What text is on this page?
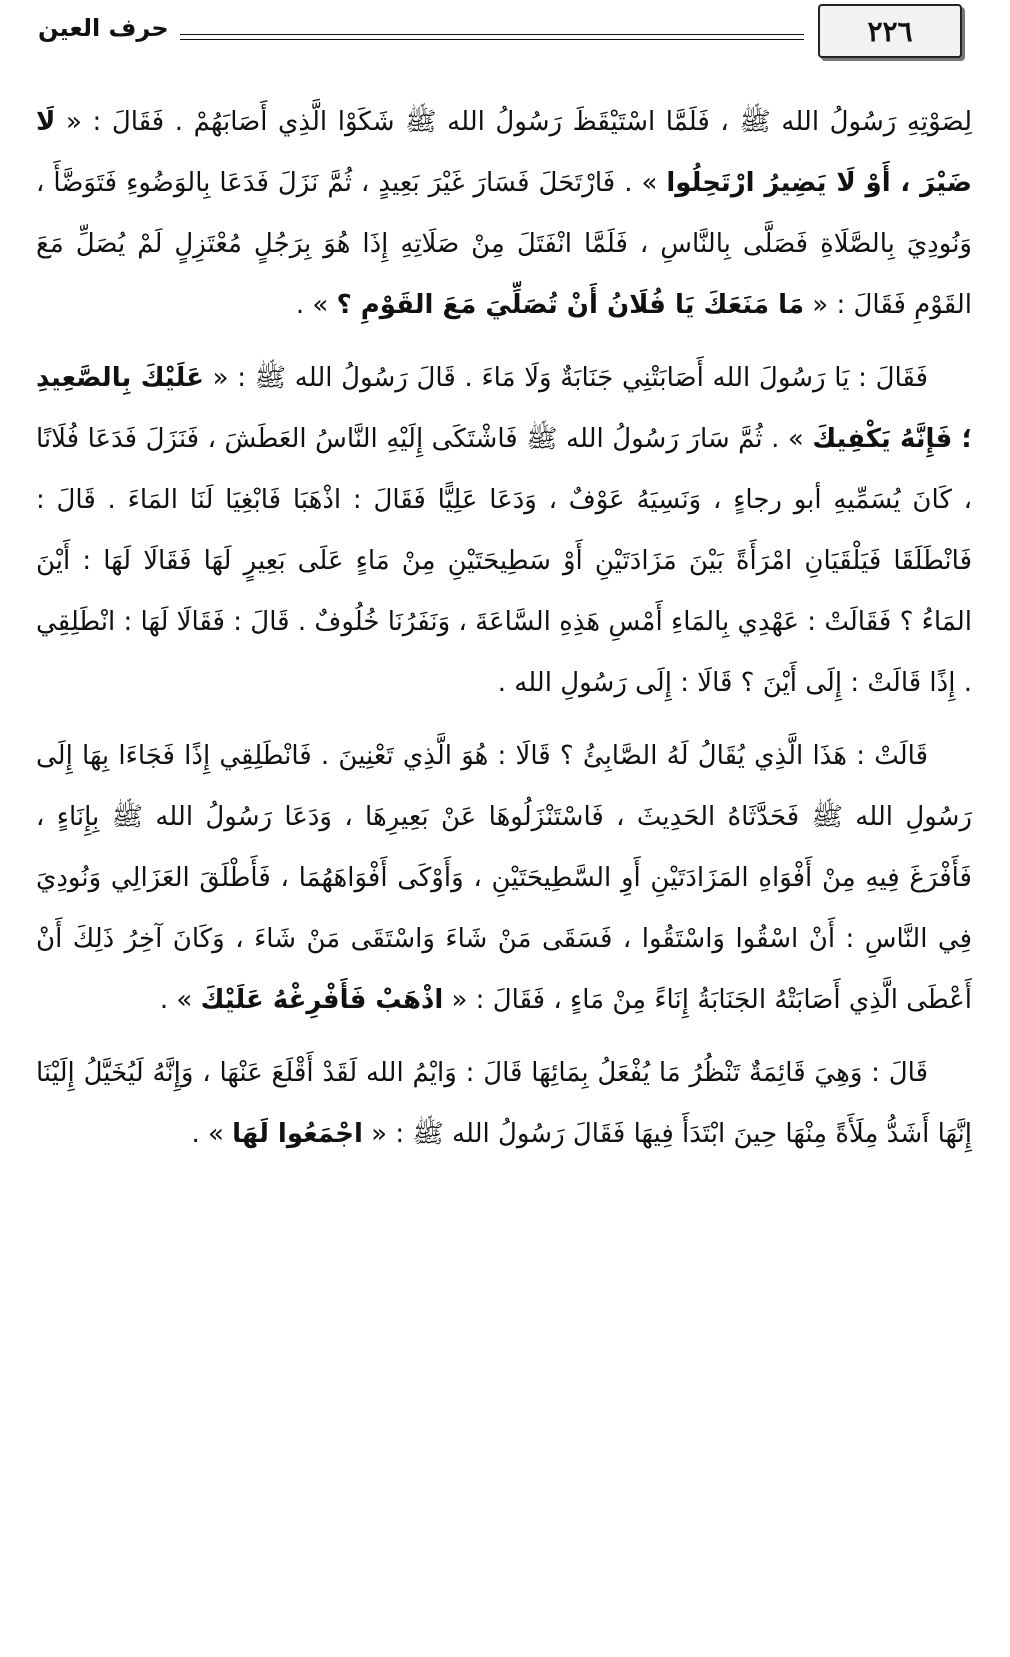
٢٢٦
حرف العين

لِصَوْتِهِ رَسُولُ الله ﷺ ، فَلَمَّا اسْتَيْقَظَ رَسُولُ الله ﷺ شَكَوْا الَّذِي أَصَابَهُمْ . فَقَالَ : « لَا ضَيْرَ ، أَوْ لَا يَضِيرُ ارْتَحِلُوا » . فَارْتَحَلَ فَسَارَ غَيْرَ بَعِيدٍ ، ثُمَّ نَزَلَ فَدَعَا بِالوَضُوءِ فَتَوَضَّأَ ، وَنُودِيَ بِالصَّلَاةِ فَصَلَّى بِالنَّاسِ ، فَلَمَّا انْفَتَلَ مِنْ صَلَاتِهِ إِذَا هُوَ بِرَجُلٍ مُعْتَزِلٍ لَمْ يُصَلِّ مَعَ القَوْمِ فَقَالَ : « مَا مَنَعَكَ يَا فُلَانُ أَنْ تُصَلِّيَ مَعَ القَوْمِ ؟ » .

فَقَالَ : يَا رَسُولَ الله أَصَابَتْنِي جَنَابَةٌ وَلَا مَاءَ . قَالَ رَسُولُ الله ﷺ : « عَلَيْكَ بِالصَّعِيدِ ؛ فَإِنَّهُ يَكْفِيكَ » . ثُمَّ سَارَ رَسُولُ الله ﷺ فَاشْتَكَى إِلَيْهِ النَّاسُ العَطَشَ ، فَنَزَلَ فَدَعَا فُلَانًا ، كَانَ يُسَمِّيهِ أبو رجاءٍ ، وَنَسِيَهُ عَوْفٌ ، وَدَعَا عَلِيًّا فَقَالَ : اذْهَبَا فَابْغِيَا لَنَا المَاءَ . قَالَ : فَانْطَلَقَا فَيَلْقَيَانِ امْرَأَةً بَيْنَ مَزَادَتَيْنِ أَوْ سَطِيحَتَيْنِ مِنْ مَاءٍ عَلَى بَعِيرٍ لَهَا فَقَالَا لَهَا : أَيْنَ المَاءُ ؟ فَقَالَتْ : عَهْدِي بِالمَاءِ أَمْسِ هَذِهِ السَّاعَةَ ، وَنَفَرُنَا خُلُوفٌ . قَالَ : فَقَالَا لَهَا : انْطَلِقِي . إِذًا قَالَتْ : إِلَى أَيْنَ ؟ قَالَا : إِلَى رَسُولِ الله .

قَالَتْ : هَذَا الَّذِي يُقَالُ لَهُ الصَّابِئُ ؟ قَالَا : هُوَ الَّذِي تَعْنِينَ . فَانْطَلِقِي إِذًا فَجَاءَا بِهَا إِلَى رَسُولِ الله ﷺ فَحَدَّثَاهُ الحَدِيثَ ، فَاسْتَنْزَلُوهَا عَنْ بَعِيرِهَا ، وَدَعَا رَسُولُ الله ﷺ بِإِنَاءٍ ، فَأَفْرَغَ فِيهِ مِنْ أَفْوَاهِ المَزَادَتَيْنِ أَوِ السَّطِيحَتَيْنِ ، وَأَوْكَى أَفْوَاهَهُمَا ، فَأَطْلَقَ العَزَالِي وَنُودِيَ فِي النَّاسِ : أَنْ اسْقُوا وَاسْتَقُوا ، فَسَقَى مَنْ شَاءَ وَاسْتَقَى مَنْ شَاءَ ، وَكَانَ آخِرُ ذَلِكَ أَنْ أَعْطَى الَّذِي أَصَابَتْهُ الجَنَابَةُ إِنَاءً مِنْ مَاءٍ ، فَقَالَ : « اذْهَبْ فَأَفْرِغْهُ عَلَيْكَ » .

قَالَ : وَهِيَ قَائِمَةٌ تَنْظُرُ مَا يُفْعَلُ بِمَائِهَا قَالَ : وَايْمُ الله لَقَدْ أَقْلَعَ عَنْهَا ، وَإِنَّهُ لَيُخَيَّلُ إِلَيْنَا إِنَّهَا أَشَدُّ مِلَأَةً مِنْهَا حِينَ ابْتَدَأَ فِيهَا فَقَالَ رَسُولُ الله ﷺ : « اجْمَعُوا لَهَا » .
